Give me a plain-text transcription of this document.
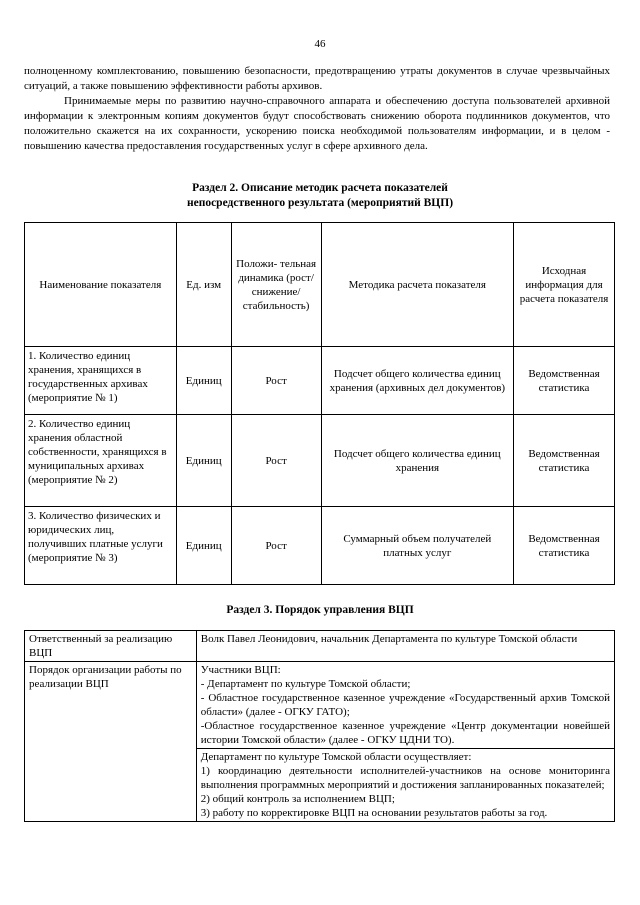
46

полноценному комплектованию, повышению безопасности, предотвращению утраты документов в случае чрезвычайных ситуаций, а также повышению эффективности работы архивов.

Принимаемые меры по развитию научно-справочного аппарата и обеспечению доступа пользователей архивной информации к электронным копиям документов будут способствовать снижению оборота подлинников документов, что положительно скажется на их сохранности, ускорению поиска необходимой пользователям информации, и в целом - повышению качества предоставления государственных услуг в сфере архивного дела.

Раздел 2. Описание методик расчета показателей
непосредственного результата (мероприятий ВЦП)
Наименование показателя	Ед. изм	Положи- тельная динамика (рост/ снижение/ стабильность)	Методика расчета показателя	Исходная информация для расчета показателя
1. Количество единиц хранения, хранящихся в государственных архивах (мероприятие № 1)	Единиц	Рост	Подсчет общего количества единиц хранения (архивных дел документов)	Ведомственная статистика
2. Количество единиц хранения областной собственности, хранящихся в муниципальных архивах (мероприятие № 2)	Единиц	Рост	Подсчет общего количества единиц хранения	Ведомственная статистика
3. Количество физических и юридических лиц, получивших платные услуги (мероприятие № 3)	Единиц	Рост	Суммарный объем получателей платных услуг	Ведомственная статистика
Раздел 3. Порядок управления ВЦП
Ответственный за реализацию ВЦП	Волк Павел Леонидович, начальник Департамента по культуре Томской области
Порядок организации работы по реализации ВЦП	Участники ВЦП:
- Департамент по культуре Томской области;
- Областное государственное казенное учреждение «Государственный архив Томской области» (далее - ОГКУ ГАТО);
-Областное государственное казенное учреждение «Центр документации новейшей истории Томской области» (далее - ОГКУ ЦДНИ ТО).

	Департамент по культуре Томской области осуществляет:
1) координацию деятельности исполнителей-участников на основе мониторинга выполнения программных мероприятий и достижения запланированных показателей;
2) общий контроль за исполнением ВЦП;
3) работу по корректировке ВЦП на основании результатов работы за год.
